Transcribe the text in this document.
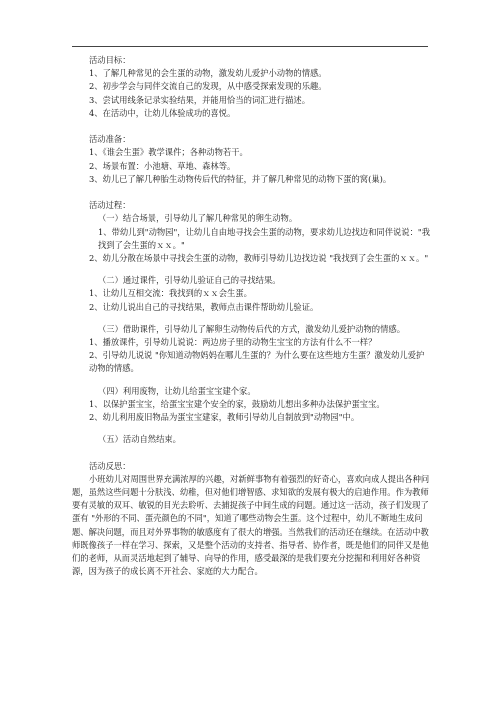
活动目标：

1、了解几种常见的会生蛋的动物，激发幼儿爱护小动物的情感。

2、初步学会与同伴交流自己的发现，从中感受探索发现的乐趣。

3、尝试用线条记录实验结果，并能用恰当的词汇进行描述。

4、在活动中，让幼儿体验成功的喜悦。

活动准备：

1、《谁会生蛋》教学课件；各种动物若干。

2、场景布置：小池塘、草地、森林等。

3、幼儿已了解几种胎生动物传后代的特征，并了解几种常见的动物下蛋的窝(巢)。

活动过程：

（一）结合场景，引导幼儿了解几种常见的卵生动物。

1、带幼儿到"动物园"，让幼儿自由地寻找会生蛋的动物，要求幼儿边找边和同伴说说："我找到了会生蛋的ｘｘ。"

2、幼儿分散在场景中寻找会生蛋的动物，教师引导幼儿边找边说 "我找到了会生蛋的ｘｘ。"

（二）通过课件，引导幼儿验证自己的寻找结果。

1、让幼儿互相交流：我找到的ｘｘ会生蛋。

2、让幼儿说出自己的寻找结果，教师点击课件帮助幼儿验证。

（三）借助课件，引导幼儿了解卵生动物传后代的方式，激发幼儿爱护动物的情感。

1、播放课件，引导幼儿说说：两边房子里的动物生宝宝的方法有什么不一样？

2、引导幼儿说说 "你知道动物妈妈在哪儿生蛋的？为什么要在这些地方生蛋？激发幼儿爱护动物的情感。

（四）利用废物，让幼儿给蛋宝宝建个家。

1、以保护蛋宝宝，给蛋宝宝建个安全的家，鼓励幼儿想出多种办法保护蛋宝宝。

2、幼儿利用废旧物品为蛋宝宝建家，教师引导幼儿自制放到"动物园"中。

（五）活动自然结束。

活动反思：

小班幼儿对周围世界充满浓厚的兴趣，对新鲜事物有着强烈的好奇心，喜欢向成人提出各种问题，虽然这些问题十分肤浅、幼稚，但对他们增智感、求知欲的发展有极大的启迪作用。作为教师要有灵敏的双耳、敏锐的目光去聆听、去捕捉孩子中间生成的问题。通过这一活动，孩子们发现了蛋有 "外形的不同、蛋壳颜色的不同"，知道了哪些动物会生蛋。这个过程中，幼儿不断地生成问题、解决问题，而且对外界事物的敏感度有了很大的增强。当然我们的活动还在继续。在活动中教师既像孩子一样在学习、探索，又是整个活动的支持者、指导者、协作者，既是他们的同伴又是他们的老师，从而灵活地起到了辅导、向导的作用，感受最深的是我们要充分挖掘和利用好各种资源，因为孩子的成长离不开社会、家庭的大力配合。
